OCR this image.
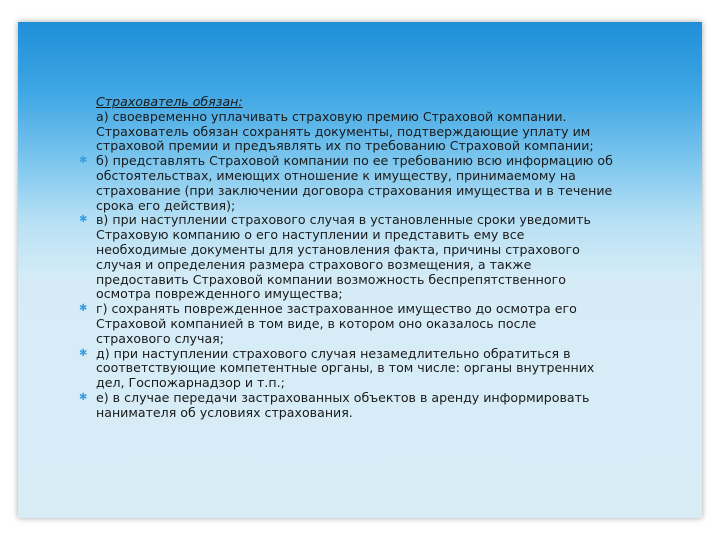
Страхователь обязан:
а) своевременно уплачивать страховую премию Страховой компании.
Страхователь обязан сохранять документы, подтверждающие уплату им
страховой премии и предъявлять их по требованию Страховой компании;
✱ б) представлять Страховой компании по ее требованию всю информацию об
обстоятельствах, имеющих отношение к имуществу, принимаемому на
страхование (при заключении договора страхования имущества и в течение
срока его действия);
✱ в) при наступлении страхового случая в установленные сроки уведомить
Страховую компанию о его наступлении и представить ему все
необходимые документы для установления факта, причины страхового
случая и определения размера страхового возмещения, а также
предоставить Страховой компании возможность беспрепятственного
осмотра поврежденного имущества;
✱ г) сохранять поврежденное застрахованное имущество до осмотра его
Страховой компанией в том виде, в котором оно оказалось после
страхового случая;
✱ д) при наступлении страхового случая незамедлительно обратиться в
соответствующие компетентные органы, в том числе: органы внутренних
дел, Госпожарнадзор и т.п.;
✱ е) в случае передачи застрахованных объектов в аренду информировать
нанимателя об условиях страхования.
